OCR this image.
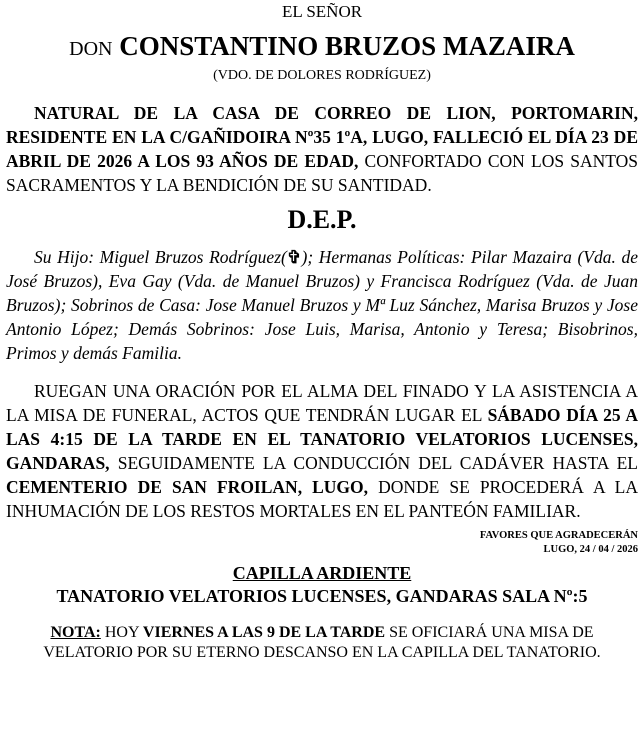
EL SEÑOR
DON CONSTANTINO BRUZOS MAZAIRA
(VDO. DE DOLORES RODRÍGUEZ)

NATURAL DE LA CASA DE CORREO DE LION, PORTOMARIN, RESIDENTE EN LA C/GAÑIDOIRA Nº35 1ºA, LUGO, FALLECIÓ EL DÍA 23 DE ABRIL DE 2026 A LOS 93 AÑOS DE EDAD, CONFORTADO CON LOS SANTOS SACRAMENTOS Y LA BENDICIÓN DE SU SANTIDAD.

D.E.P.

Su Hijo: Miguel Bruzos Rodríguez(✞); Hermanas Políticas: Pilar Mazaira (Vda. de José Bruzos), Eva Gay (Vda. de Manuel Bruzos) y Francisca Rodríguez (Vda. de Juan Bruzos); Sobrinos de Casa: Jose Manuel Bruzos y Mª Luz Sánchez, Marisa Bruzos y Jose Antonio López; Demás Sobrinos: Jose Luis, Marisa, Antonio y Teresa; Bisobrinos, Primos y demás Familia.

RUEGAN UNA ORACIÓN POR EL ALMA DEL FINADO Y LA ASISTENCIA A LA MISA DE FUNERAL, ACTOS QUE TENDRÁN LUGAR EL SÁBADO DÍA 25 A LAS 4:15 DE LA TARDE EN EL TANATORIO VELATORIOS LUCENSES, GANDARAS, SEGUIDAMENTE LA CONDUCCIÓN DEL CADÁVER HASTA EL CEMENTERIO DE SAN FROILAN, LUGO, DONDE SE PROCEDERÁ A LA INHUMACIÓN DE LOS RESTOS MORTALES EN EL PANTEÓN FAMILIAR.

FAVORES QUE AGRADECERÁN
LUGO, 24 / 04 / 2026
CAPILLA ARDIENTE
TANATORIO VELATORIOS LUCENSES, GANDARAS SALA Nº:5
NOTA: HOY VIERNES A LAS 9 DE LA TARDE SE OFICIARÁ UNA MISA DE VELATORIO POR SU ETERNO DESCANSO EN LA CAPILLA DEL TANATORIO.
